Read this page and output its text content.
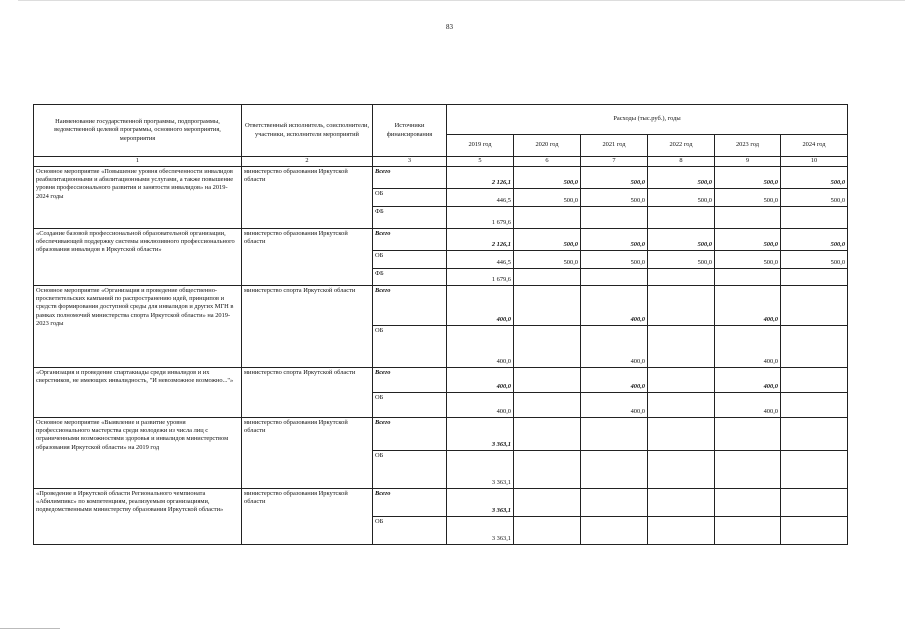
83
Наименование государственной программы, подпрограммы, ведомственной целевой программы, основного мероприятия, мероприятия	Ответственный исполнитель, соисполнители, участники, исполнители мероприятий	Источники финансирования	Расходы (тыс.руб.), годы					
			2019 год	2020 год	2021 год	2022 год	2023 год	2024 год
1	2	3	5	6	7	8	9	10
Основное мероприятие «Повышение уровня обеспеченности инвалидов реабилитационными и абилитационными услугами, а также повышение уровня профессионального развития и занятости инвалидов» на 2019-2024 годы	министерство образования Иркутской области	Всего	2 126,1	500,0	500,0	500,0	500,0	500,0
		ОБ	446,5	500,0	500,0	500,0	500,0	500,0
		ФБ	1 679,6					
«Создание базовой профессиональной образовательной организации, обеспечивающей поддержку системы инклюзивного профессионального образования инвалидов в Иркутской области»	министерство образования Иркутской области	Всего	2 126,1	500,0	500,0	500,0	500,0	500,0
		ОБ	446,5	500,0	500,0	500,0	500,0	500,0
		ФБ	1 679,6					
Основное мероприятие «Организация и проведение общественно-просветительских кампаний по распространению идей, принципов и средств формирования доступной среды для инвалидов и других МГН в рамках полномочий министерства спорта Иркутской области» на 2019-2023 годы	министерство спорта Иркутской области	Всего	400,0		400,0		400,0	
		ОБ	400,0		400,0		400,0	
«Организация и проведение спартакиады среди инвалидов и их сверстников, не имеющих инвалидность, "И невозможное возможно..."»	министерство спорта Иркутской области	Всего	400,0		400,0		400,0	
		ОБ	400,0		400,0		400,0	
Основное мероприятие «Выявление и развитие уровня профессионального мастерства среди молодежи из числа лиц с ограниченными возможностями здоровья и инвалидов министерством образования Иркутской области» на 2019 год	министерство образования Иркутской области	Всего	3 363,1					
		ОБ	3 363,1					
«Проведение в Иркутской области Регионального чемпионата «Абилимпикс» по компетенциям, реализуемым организациями, подведомственными министерству образования Иркутской области»	министерство образования Иркутской области	Всего	3 363,1					
		ОБ	3 363,1					
